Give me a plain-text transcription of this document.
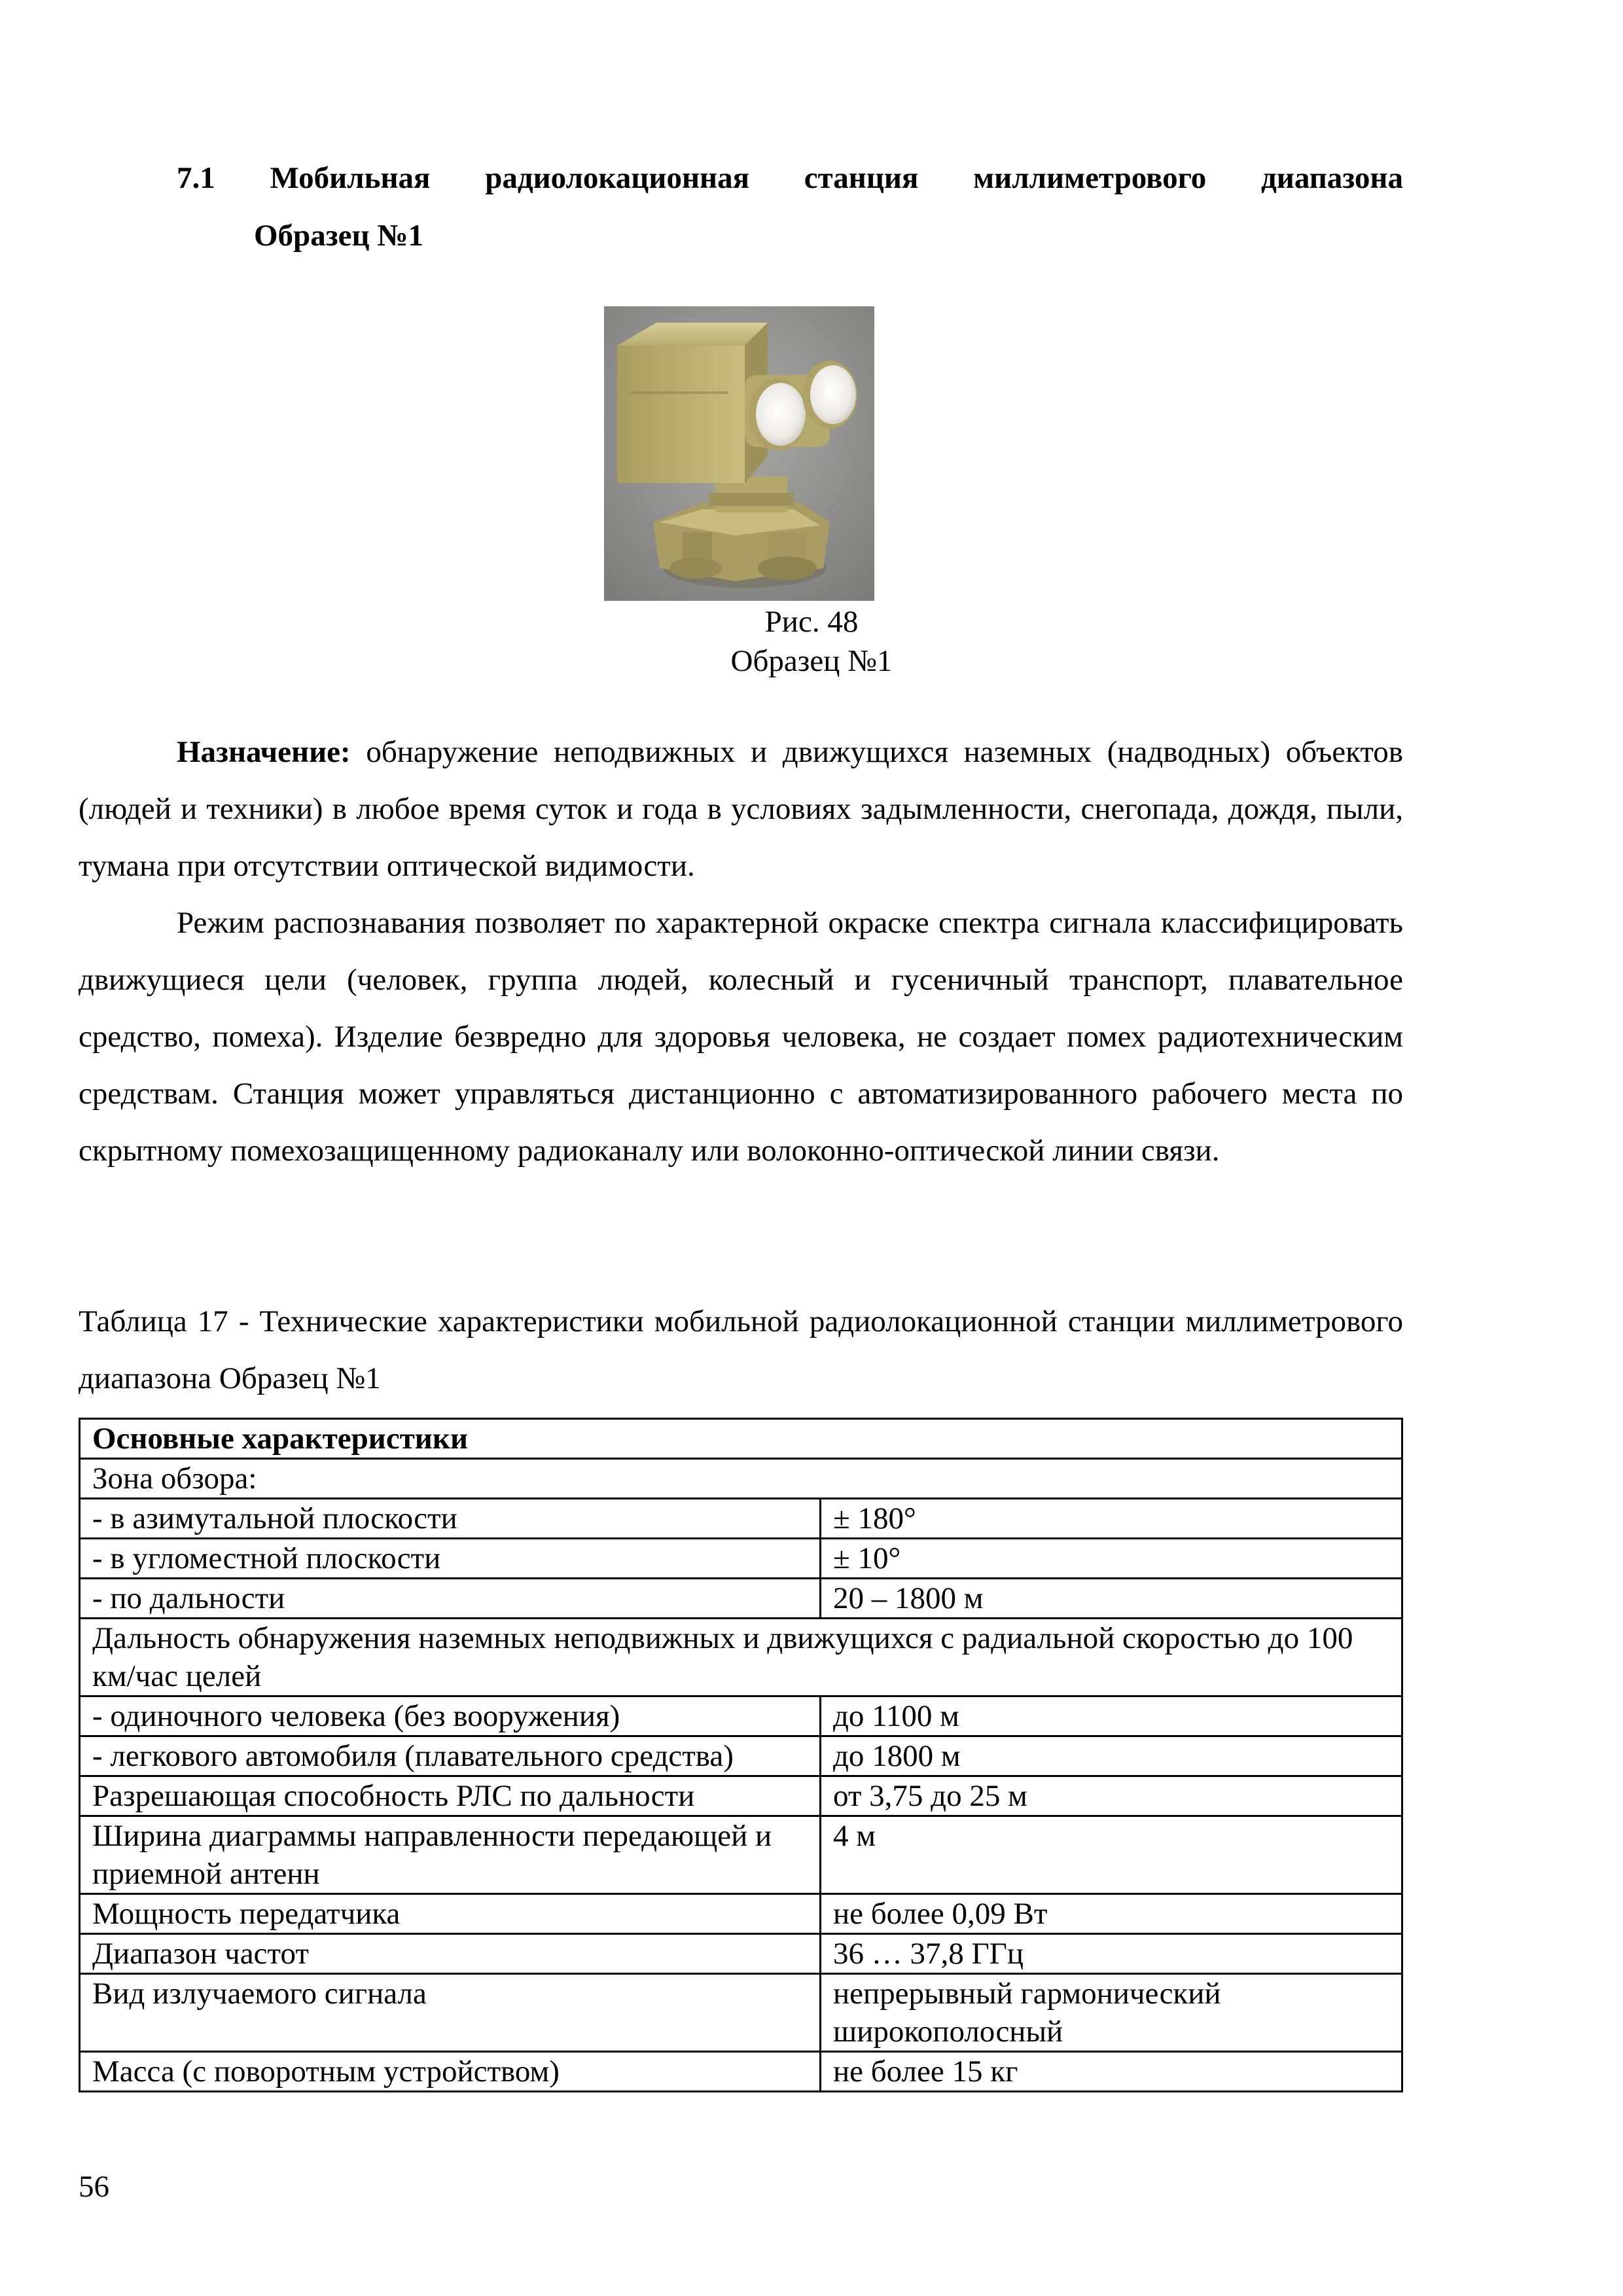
7.1 Мобильная радиолокационная станция миллиметрового диапазона
Образец №1
Рис. 48
Образец №1
Назначение: обнаружение неподвижных и движущихся наземных (надводных) объектов (людей и техники) в любое время суток и года в условиях задымленности, снегопада, дождя, пыли, тумана при отсутствии оптической видимости.
Режим распознавания позволяет по характерной окраске спектра сигнала классифицировать движущиеся цели (человек, группа людей, колесный и гусеничный транспорт, плавательное средство, помеха). Изделие безвредно для здоровья человека, не создает помех радиотехническим средствам. Станция может управляться дистанционно с автоматизированного рабочего места по скрытному помехозащищенному радиоканалу или волоконно-оптической линии связи.
Таблица 17 - Технические характеристики мобильной радиолокационной станции миллиметрового диапазона Образец №1
Основные характеристики	
Зона обзора:	
- в азимутальной плоскости	± 180°
- в угломестной плоскости	± 10°
- по дальности	20 – 1800 м
Дальность обнаружения наземных неподвижных и движущихся с радиальной скоростью до 100 км/час целей	
- одиночного человека (без вооружения)	до 1100 м
- легкового автомобиля (плавательного средства)	до 1800 м
Разрешающая способность РЛС по дальности	от 3,75 до 25 м
Ширина диаграммы направленности передающей и приемной антенн	4 м
Мощность передатчика	не более 0,09 Вт
Диапазон частот	36 … 37,8 ГГц
Вид излучаемого сигнала	непрерывный гармонический широкополосный
Масса (с поворотным устройством)	не более 15 кг
56
